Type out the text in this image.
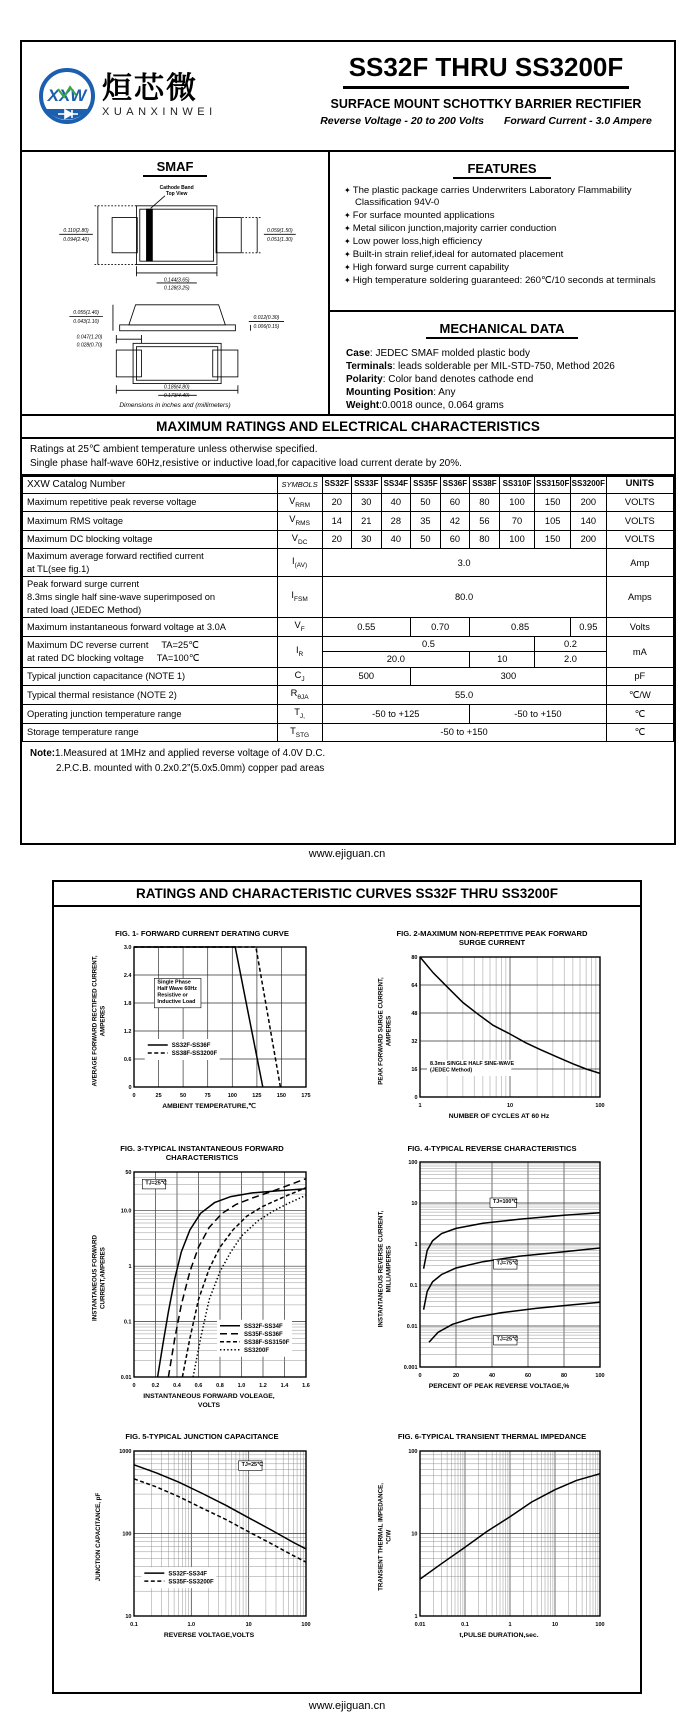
XXW 烜芯微
XUANXINWEI
SS32F THRU SS3200F
SURFACE MOUNT SCHOTTKY BARRIER RECTIFIER
Reverse Voltage - 20 to 200 Volts Forward Current - 3.0 Ampere
SMAF

Cathode Band
Top View
0.110(2.80)
0.094(2.40)
0.059(1.50)
0.051(1.30)
0.144(3.65)
0.128(3.25)
0.055(1.40)
0.043(1.10)
0.012(0.30)
0.006(0.15)
0.047(1.20)
0.028(0.70)
0.189(4.80)
0.173(4.40)
Dimensions in inches and (millimeters)
FEATURES
✦ The plastic package carries Underwriters Laboratory Flammability Classification 94V-0
✦ For surface mounted applications
✦ Metal silicon junction,majority carrier conduction
✦ Low power loss,high efficiency
✦ Built-in strain relief,ideal for automated placement
✦ High forward surge current capability
✦ High temperature soldering guaranteed: 260℃/10 seconds at terminals
MECHANICAL DATA
Case: JEDEC SMAF molded plastic body
Terminals: leads solderable per MIL-STD-750, Method 2026
Polarity: Color band denotes cathode end
Mounting Position: Any
Weight:0.0018 ounce, 0.064 grams
MAXIMUM RATINGS AND ELECTRICAL CHARACTERISTICS
Ratings at 25℃ ambient temperature unless otherwise specified.
Single phase half-wave 60Hz,resistive or inductive load,for capacitive load current derate by 20%.
XXW Catalog Number	SYMBOLS	SS32F	SS33F	SS34F	SS35F	SS36F	SS38F	SS310F	SS3150F	SS3200F	UNITS
Maximum repetitive peak reverse voltage	$V_{RRM}$	20	30	40	50	60	80	100	150	200	VOLTS
Maximum RMS voltage	$V_{RMS}$	14	21	28	35	42	56	70	105	140	VOLTS
Maximum DC blocking voltage	$V_{DC}$	20	30	40	50	60	80	100	150	200	VOLTS
Maximum average forward rectified current
at TL(see fig.1)	$I_{(AV)}$	3.0									Amp
Peak forward surge current
8.3ms single half sine-wave superimposed on
rated load (JEDEC Method)	$I_{FSM}$	80.0									Amps
Maximum instantaneous forward voltage at 3.0A	$V_F$	0.55			0.70		0.85			0.95	Volts
Maximum DC reverse current     TA=25℃
at rated DC blocking voltage     TA=100℃	$I_R$	0.5							0.2		mA
		20.0					10		2.0		
Typical junction capacitance (NOTE 1)	$C_J$	500			300						pF
Typical thermal resistance (NOTE 2)	$R_{\theta JA}$	55.0									℃/W
Operating junction temperature range	$T_{J,}$	-50 to +125					-50 to +150				℃
Storage temperature range	$T_{STG}$	-50 to +150									℃
Note:1.Measured at 1MHz and applied reverse voltage of 4.0V D.C.
2.P.C.B. mounted with 0.2x0.2”(5.0x5.0mm) copper pad areas
www.ejiguan.cn
RATINGS AND CHARACTERISTIC CURVES SS32F THRU SS3200F
FIG. 1- FORWARD CURRENT DERATING CURVE
AVERAGE FORWARD RECTIFIED CURRENT,
AMPERES
Single Phase
Half Wave 60Hz
Resistive or
Inductive Load
SS32F-SS36F
SS38F-SS3200F
0	25	50	75	100	125	150	175
0
0.6
1.2
1.8
2.4
3.0
AMBIENT TEMPERATURE,℃
FIG. 2-MAXIMUM NON-REPETITIVE PEAK FORWARD
SURGE CURRENT
PEAK FORWARD SURGE CURRENT,
AMPERES
8.3ms SINGLE HALF SINE-WAVE
(JEDEC Method)
1	10	100
0
16
32
48
64
80
NUMBER OF CYCLES AT 60 Hz
FIG. 3-TYPICAL INSTANTANEOUS FORWARD
CHARACTERISTICS
INSTANTANEOUS FORWARD
CURRENT,AMPERES
TJ=25℃
SS32F-SS34F
SS35F-SS36F
SS38F-SS3150F
SS3200F
0	0.2	0.4	0.6	0.8	1.0	1.2	1.4	1.6
0.01
0.1
1
10.0
50
INSTANTANEOUS FORWARD VOLEAGE,
VOLTS
FIG. 4-TYPICAL REVERSE CHARACTERISTICS
INSTANTANEOUS REVERSE CURRENT,
MILLIAMPERES
TJ=100℃
TJ=75℃
TJ=25℃
0	20	40	60	80	100
0.001
0.01
0.1
1
10
100
PERCENT OF PEAK REVERSE VOLTAGE,%
FIG. 5-TYPICAL JUNCTION CAPACITANCE
JUNCTION CAPACITANCE, pF
TJ=25℃
SS32F-SS34F
SS35F-SS3200F
0.1	1.0	10	100
10
100
1000
REVERSE VOLTAGE,VOLTS
FIG. 6-TYPICAL TRANSIENT THERMAL IMPEDANCE
TRANSIENT THERMAL IMPEDANCE,
°C/W
0.01	0.1	1	10	100
1
10
100
t,PULSE DURATION,sec.
www.ejiguan.cn
